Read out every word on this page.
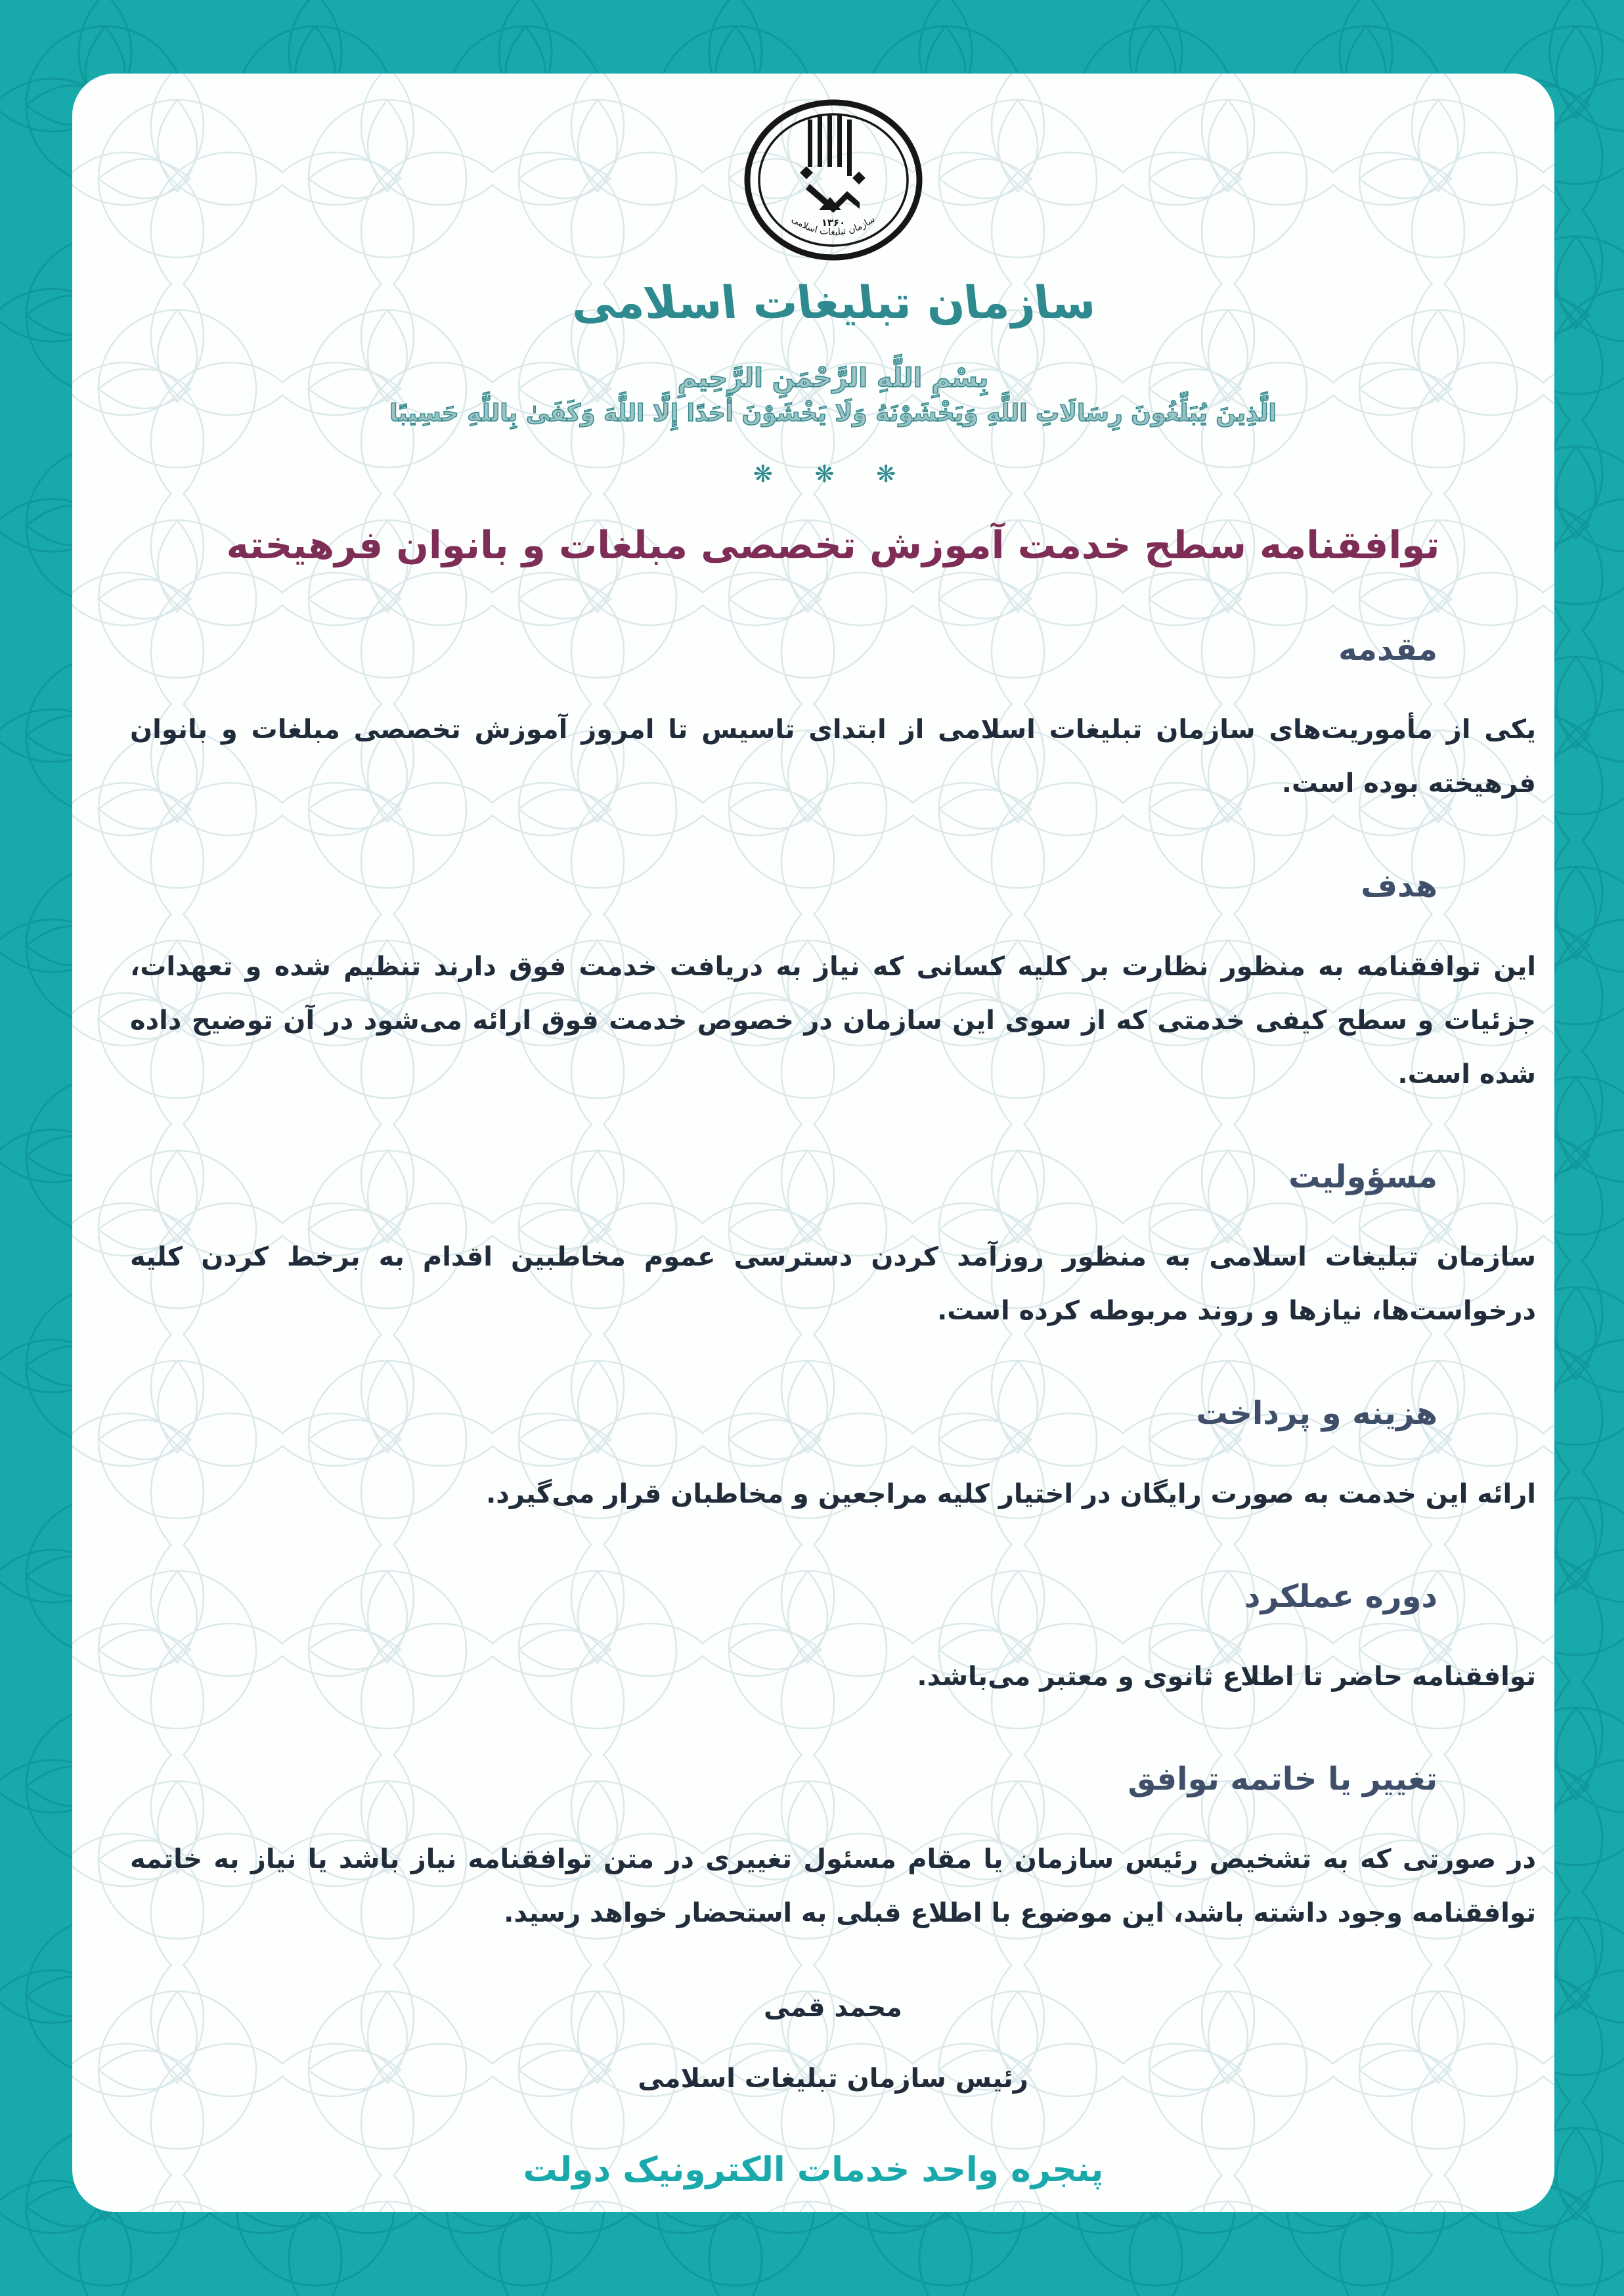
۱۳۶۰
سازمان تبلیغات اسلامی
سازمان تبلیغات اسلامی
بِسْمِ اللَّهِ الرَّحْمَنِ الرَّحِيمِ
الَّذِينَ يُبَلِّغُونَ رِسَالَاتِ اللَّهِ وَيَخْشَوْنَهُ وَلَا يَخْشَوْنَ أَحَدًا إِلَّا اللَّهَ وَكَفَىٰ بِاللَّهِ حَسِيبًا
❋ ❋ ❋
توافقنامه سطح خدمت آموزش تخصصی مبلغات و بانوان فرهیخته
مقدمه

یکی از مأموریت‌های سازمان تبلیغات اسلامی از ابتدای تاسیس تا امروز آموزش تخصصی مبلغات و بانوان فرهیخته بوده است.

هدف

این توافقنامه به منظور نظارت بر کلیه کسانی که نیاز به دریافت خدمت فوق دارند تنظیم شده و تعهدات، جزئیات و سطح کیفی خدمتی که از سوی این سازمان در خصوص خدمت فوق ارائه می‌شود در آن توضیح داده شده است.

مسؤولیت

سازمان تبلیغات اسلامی به منظور روزآمد کردن دسترسی عموم مخاطبین اقدام به برخط کردن کلیه درخواست‌ها، نیازها و روند مربوطه کرده است.

هزینه و پرداخت

ارائه این خدمت به صورت رایگان در اختیار کلیه مراجعین و مخاطبان قرار می‌گیرد.

دوره عملکرد

توافقنامه حاضر تا اطلاع ثانوی و معتبر می‌باشد.

تغییر یا خاتمه توافق

در صورتی که به تشخیص رئیس سازمان یا مقام مسئول تغییری در متن توافقنامه نیاز باشد یا نیاز به خاتمه توافقنامه وجود داشته باشد، این موضوع با اطلاع قبلی به استحضار خواهد رسید.

محمد قمی
رئیس سازمان تبلیغات اسلامی
پنجره واحد خدمات الکترونیک دولت
